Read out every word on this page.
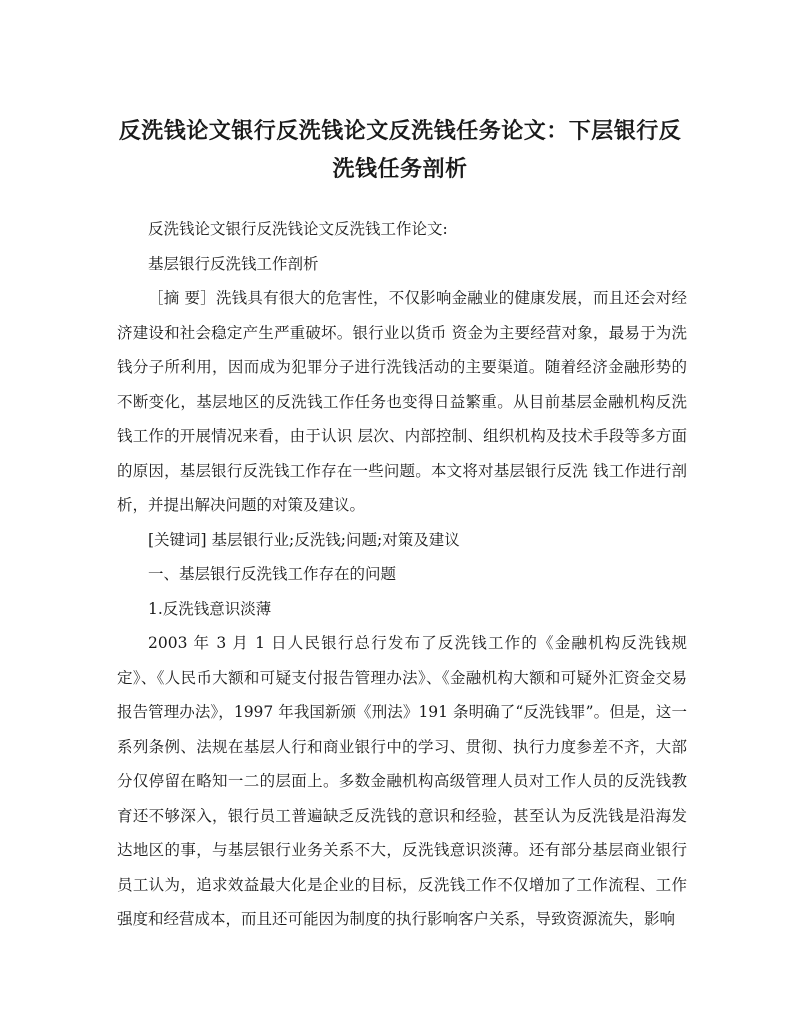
反洗钱论文银行反洗钱论文反洗钱任务论文：下层银行反洗钱任务剖析

反洗钱论文银行反洗钱论文反洗钱工作论文:

基层银行反洗钱工作剖析

［摘 要］洗钱具有很大的危害性，不仅影响金融业的健康发展，而且还会对经济建设和社会稳定产生严重破坏。银行业以货币 资金为主要经营对象，最易于为洗钱分子所利用，因而成为犯罪分子进行洗钱活动的主要渠道。随着经济金融形势的 不断变化，基层地区的反洗钱工作任务也变得日益繁重。从目前基层金融机构反洗钱工作的开展情况来看，由于认识 层次、内部控制、组织机构及技术手段等多方面的原因，基层银行反洗钱工作存在一些问题。本文将对基层银行反洗 钱工作进行剖析，并提出解决问题的对策及建议。

[关键词] 基层银行业;反洗钱;问题;对策及建议

一、基层银行反洗钱工作存在的问题

1.反洗钱意识淡薄

2003 年 3 月 1 日人民银行总行发布了反洗钱工作的《金融机构反洗钱规定》、《人民币大额和可疑支付报告管理办法》、《金融机构大额和可疑外汇资金交易报告管理办法》，1997 年我国新颁《刑法》191 条明确了“反洗钱罪”。但是，这一系列条例、法规在基层人行和商业银行中的学习、贯彻、执行力度参差不齐，大部分仅停留在略知一二的层面上。多数金融机构高级管理人员对工作人员的反洗钱教育还不够深入，银行员工普遍缺乏反洗钱的意识和经验，甚至认为反洗钱是沿海发达地区的事，与基层银行业务关系不大，反洗钱意识淡薄。还有部分基层商业银行员工认为，追求效益最大化是企业的目标，反洗钱工作不仅增加了工作流程、工作强度和经营成本，而且还可能因为制度的执行影响客户关系，导致资源流失，影响
